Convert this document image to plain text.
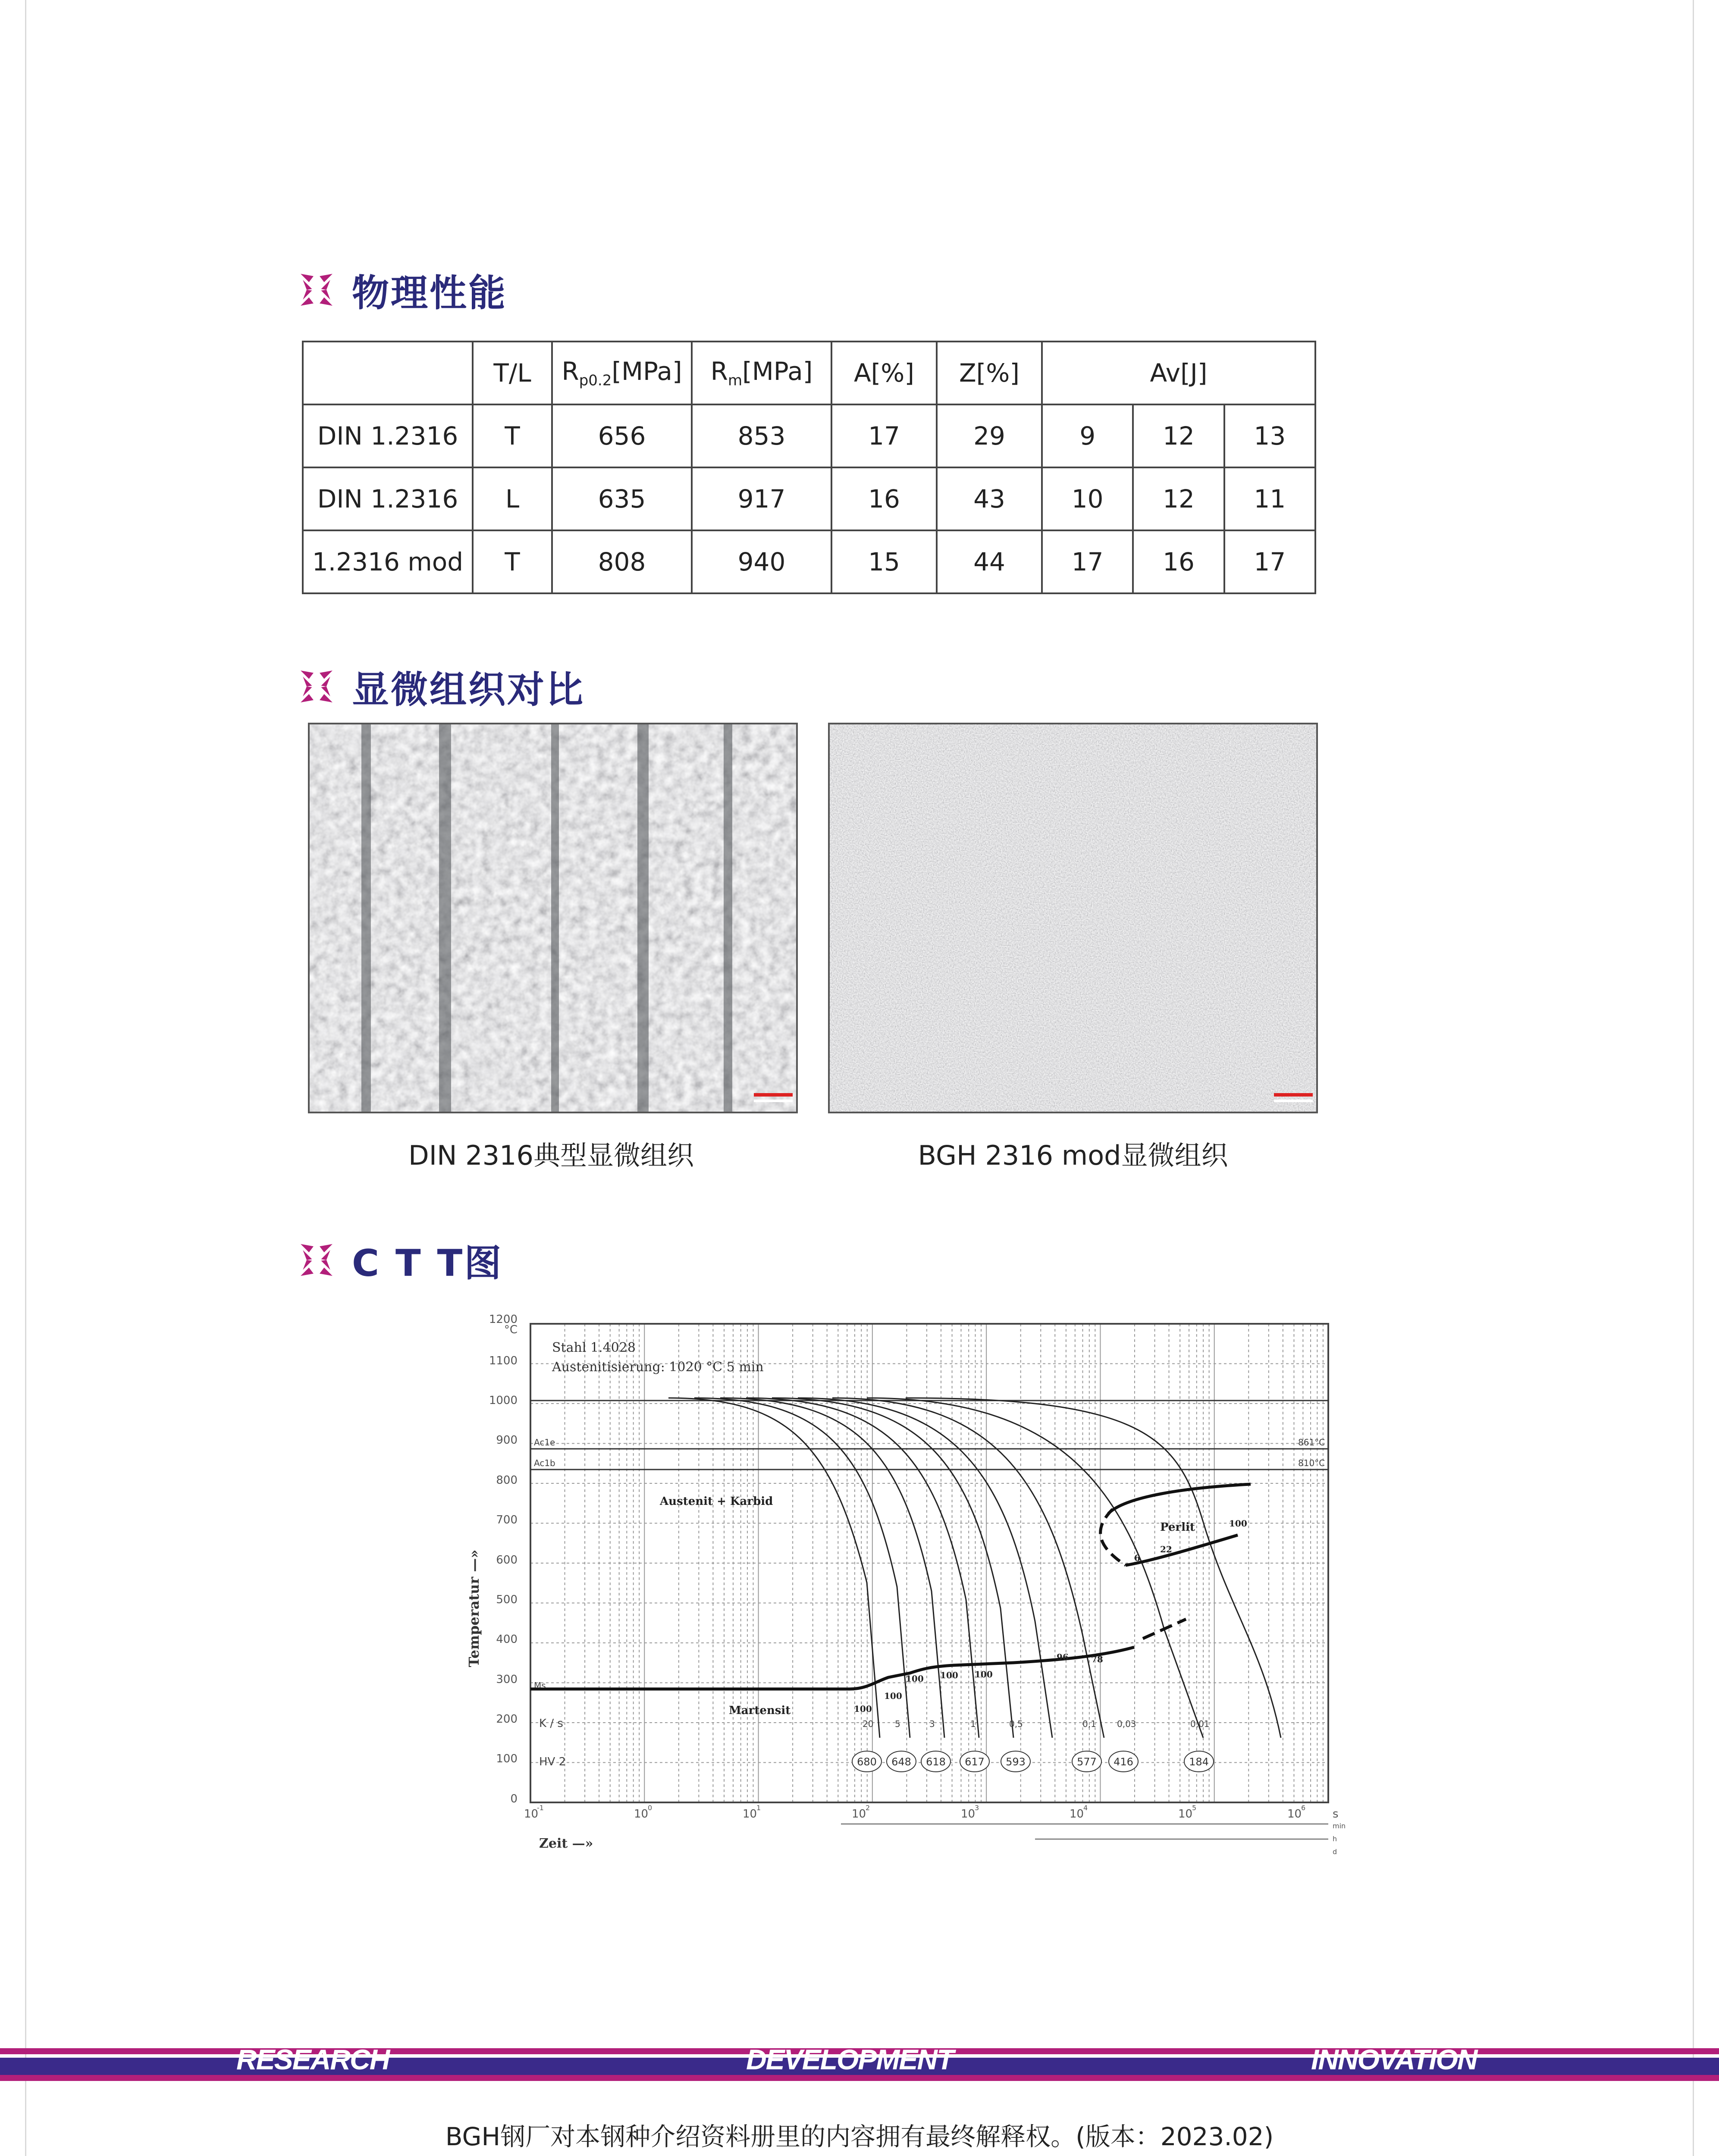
物理性能
	T/L	$R_{p0.2}[MPa]$	$R_m[MPa]$	A[%]	Z[%]	Av[J]		
DIN 1.2316	T	656	853	17	29	9	12	13
DIN 1.2316	L	635	917	16	43	10	12	11
1.2316 mod	T	808	940	15	44	17	16	17
显微组织对比
DIN 2316典型显微组织	BGH 2316 mod显微组织
C T T图
1200
°C
1100
1000
900
800
700
600
500
400
300
200
100
0
Temperatur —»
Stahl 1.4028
Austenitisierung: 1020 °C 5 min
Ac1e
Ac1b
Ms
K / s
HV 2
861°C
810°C
Austenit + Karbid
Perlit
Martensit	100
100
100 100 100
96	78
100
22
6
20 5	3	1	0,5	0,1 0,03	0,01
680 648 618 617 593	577 416	184
10
-1	10
0	10
1	10
2	10
3	10
4	10
5	10
6 s
min
h
d
Zeit —»
RESEARCH	DEVELOPMENT	INNOVATION
BGH钢厂对本钢种介绍资料册里的内容拥有最终解释权。(版本：2023.02)
